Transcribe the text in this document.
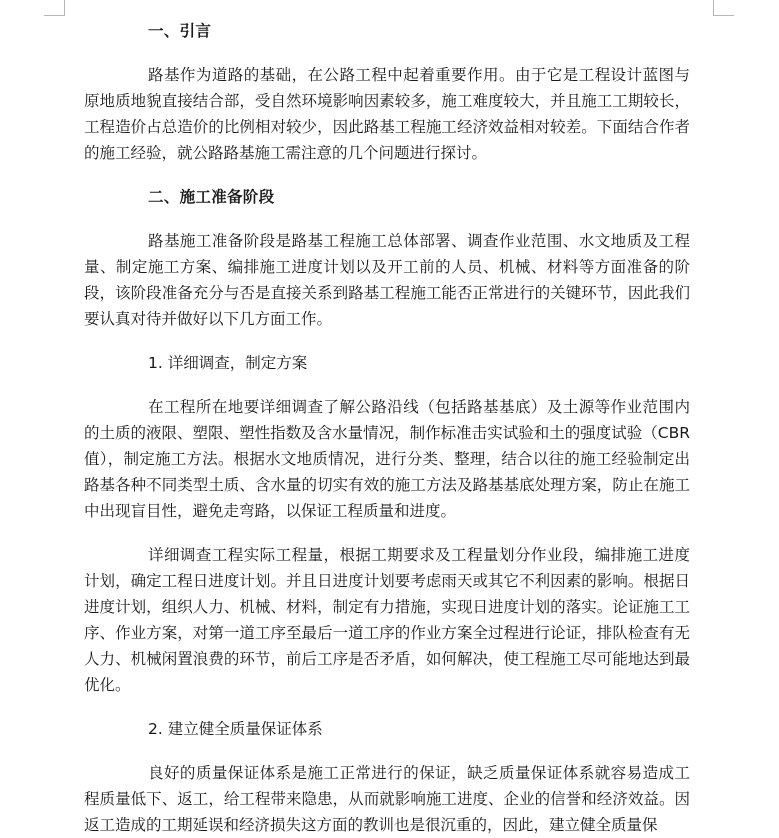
一、引言

路基作为道路的基础，在公路工程中起着重要作用。由于它是工程设计蓝图与原地质地貌直接结合部，受自然环境影响因素较多，施工难度较大，并且施工工期较长，工程造价占总造价的比例相对较少，因此路基工程施工经济效益相对较差。下面结合作者的施工经验，就公路路基施工需注意的几个问题进行探讨。

二、施工准备阶段

路基施工准备阶段是路基工程施工总体部署、调查作业范围、水文地质及工程量、制定施工方案、编排施工进度计划以及开工前的人员、机械、材料等方面准备的阶段，该阶段准备充分与否是直接关系到路基工程施工能否正常进行的关键环节，因此我们要认真对待并做好以下几方面工作。

1. 详细调查，制定方案

在工程所在地要详细调查了解公路沿线（包括路基基底）及土源等作业范围内的土质的液限、塑限、塑性指数及含水量情况，制作标准击实试验和土的强度试验（CBR值），制定施工方法。根据水文地质情况，进行分类、整理，结合以往的施工经验制定出路基各种不同类型土质、含水量的切实有效的施工方法及路基基底处理方案，防止在施工中出现盲目性，避免走弯路，以保证工程质量和进度。

详细调查工程实际工程量，根据工期要求及工程量划分作业段，编排施工进度计划，确定工程日进度计划。并且日进度计划要考虑雨天或其它不利因素的影响。根据日进度计划，组织人力、机械、材料，制定有力措施，实现日进度计划的落实。论证施工工序、作业方案，对第一道工序至最后一道工序的作业方案全过程进行论证，排队检查有无人力、机械闲置浪费的环节，前后工序是否矛盾，如何解决，使工程施工尽可能地达到最优化。

2. 建立健全质量保证体系

良好的质量保证体系是施工正常进行的保证，缺乏质量保证体系就容易造成工程质量低下、返工，给工程带来隐患，从而就影响施工进度、企业的信誉和经济效益。因返工造成的工期延误和经济损失这方面的教训也是很沉重的，因此，建立健全质量保
